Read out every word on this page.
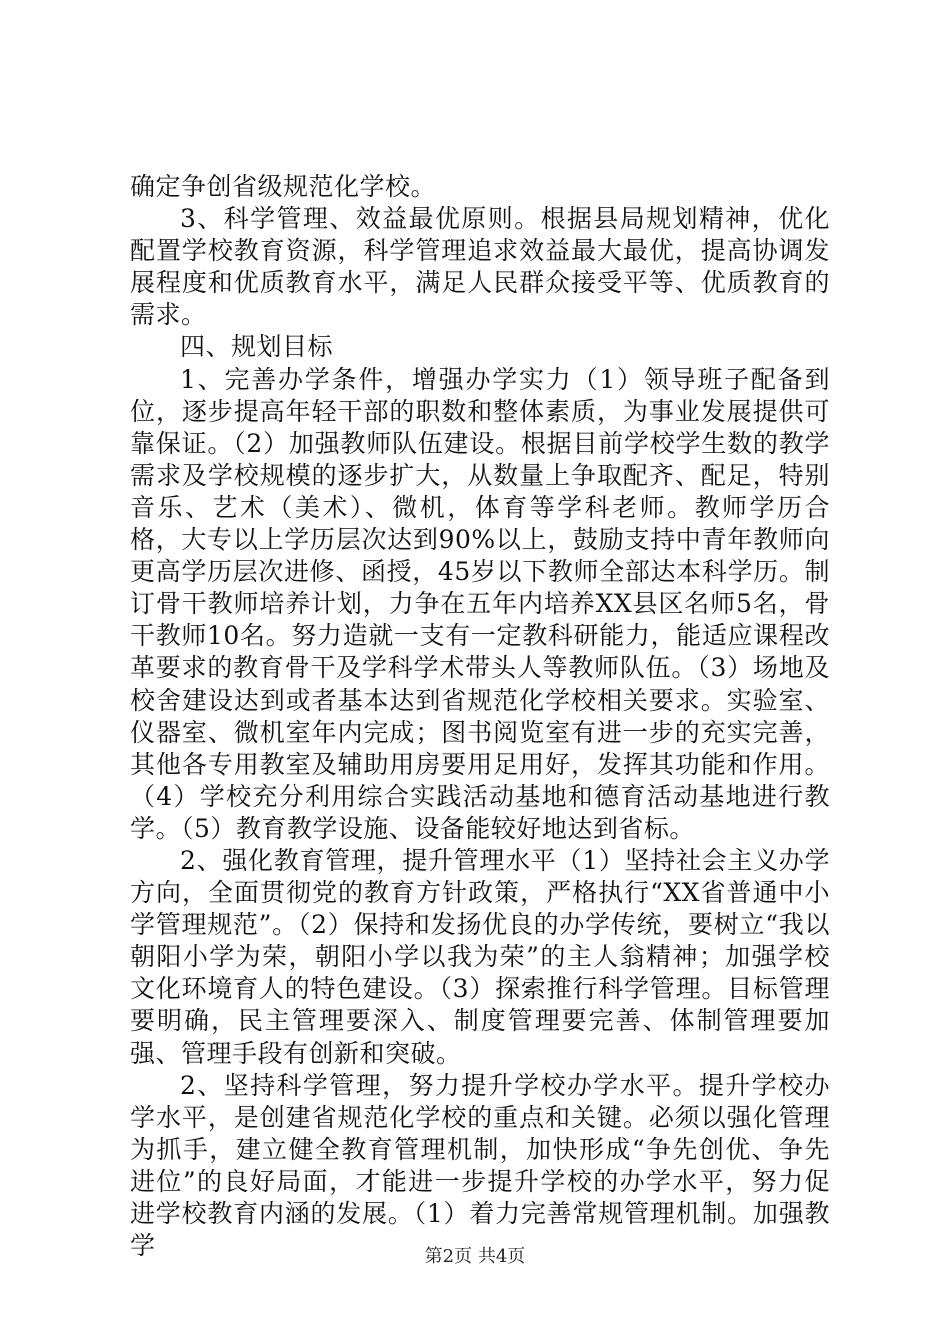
确定争创省级规范化学校。

3、科学管理、效益最优原则。根据县局规划精神，优化配置学校教育资源，科学管理追求效益最大最优，提高协调发展程度和优质教育水平，满足人民群众接受平等、优质教育的需求。

四、规划目标

1、完善办学条件，增强办学实力（1）领导班子配备到位，逐步提高年轻干部的职数和整体素质，为事业发展提供可靠保证。（2）加强教师队伍建设。根据目前学校学生数的教学需求及学校规模的逐步扩大，从数量上争取配齐、配足，特别音乐、艺术（美术）、微机，体育等学科老师。教师学历合格，大专以上学历层次达到90%以上，鼓励支持中青年教师向更高学历层次进修、函授，45岁以下教师全部达本科学历。制订骨干教师培养计划，力争在五年内培养XX县区名师5名，骨干教师10名。努力造就一支有一定教科研能力，能适应课程改革要求的教育骨干及学科学术带头人等教师队伍。（3）场地及校舍建设达到或者基本达到省规范化学校相关要求。实验室、仪器室、微机室年内完成；图书阅览室有进一步的充实完善，其他各专用教室及辅助用房要用足用好，发挥其功能和作用。（4）学校充分利用综合实践活动基地和德育活动基地进行教学。（5）教育教学设施、设备能较好地达到省标。

2、强化教育管理，提升管理水平（1）坚持社会主义办学方向，全面贯彻党的教育方针政策，严格执行“XX省普通中小学管理规范”。（2）保持和发扬优良的办学传统，要树立“我以朝阳小学为荣，朝阳小学以我为荣”的主人翁精神；加强学校文化环境育人的特色建设。（3）探索推行科学管理。目标管理要明确，民主管理要深入、制度管理要完善、体制管理要加强、管理手段有创新和突破。

2、坚持科学管理，努力提升学校办学水平。提升学校办学水平，是创建省规范化学校的重点和关键。必须以强化管理为抓手，建立健全教育管理机制，加快形成“争先创优、争先进位”的良好局面，才能进一步提升学校的办学水平，努力促进学校教育内涵的发展。（1）着力完善常规管理机制。加强教学	第2页 共4页
